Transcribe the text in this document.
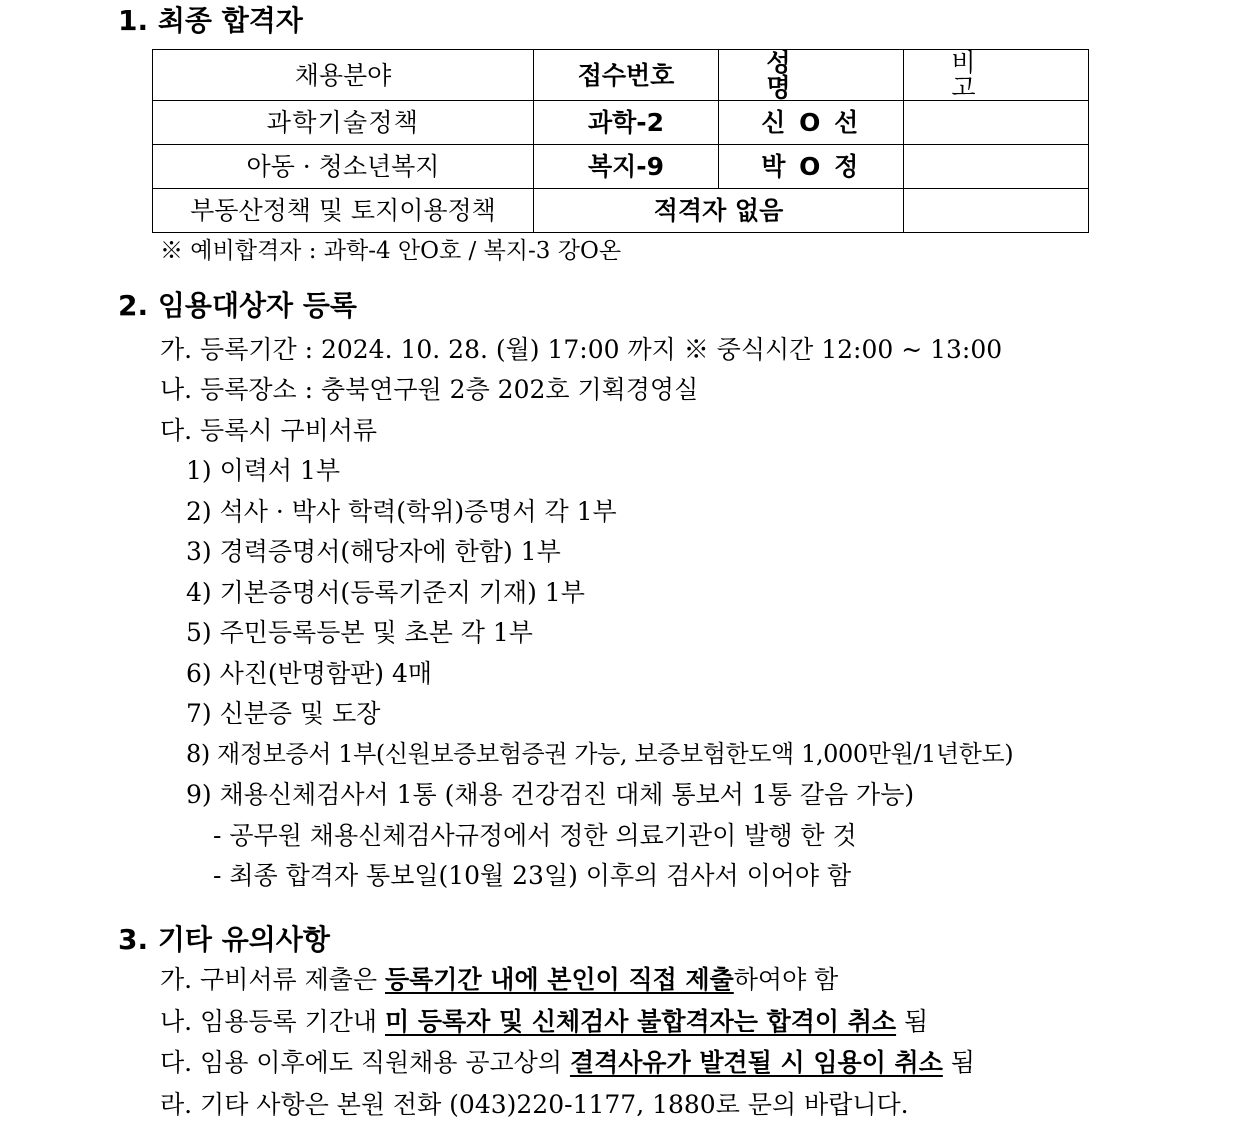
1. 최종 합격자
채용분야	접수번호	성 명	비 고
과학기술정책	과학-2	신 O 선	
아동 · 청소년복지	복지-9	박 O 정	
부동산정책 및 토지이용정책	적격자 없음		
※ 예비합격자 : 과학-4 안O호 / 복지-3 강O온
2. 임용대상자 등록
가. 등록기간 : 2024. 10. 28. (월) 17:00 까지 ※ 중식시간 12:00 ~ 13:00
나. 등록장소 : 충북연구원 2층 202호 기획경영실
다. 등록시 구비서류
1) 이력서 1부
2) 석사 · 박사 학력(학위)증명서 각 1부
3) 경력증명서(해당자에 한함) 1부
4) 기본증명서(등록기준지 기재) 1부
5) 주민등록등본 및 초본 각 1부
6) 사진(반명함판) 4매
7) 신분증 및 도장
8) 재정보증서 1부(신원보증보험증권 가능, 보증보험한도액 1,000만원/1년한도)
9) 채용신체검사서 1통 (채용 건강검진 대체 통보서 1통 갈음 가능)
- 공무원 채용신체검사규정에서 정한 의료기관이 발행 한 것
- 최종 합격자 통보일(10월 23일) 이후의 검사서 이어야 함
3. 기타 유의사항
가. 구비서류 제출은 등록기간 내에 본인이 직접 제출하여야 함
나. 임용등록 기간내 미 등록자 및 신체검사 불합격자는 합격이 취소 됨
다. 임용 이후에도 직원채용 공고상의 결격사유가 발견될 시 임용이 취소 됨
라. 기타 사항은 본원 전화 (043)220-1177, 1880로 문의 바랍니다.
